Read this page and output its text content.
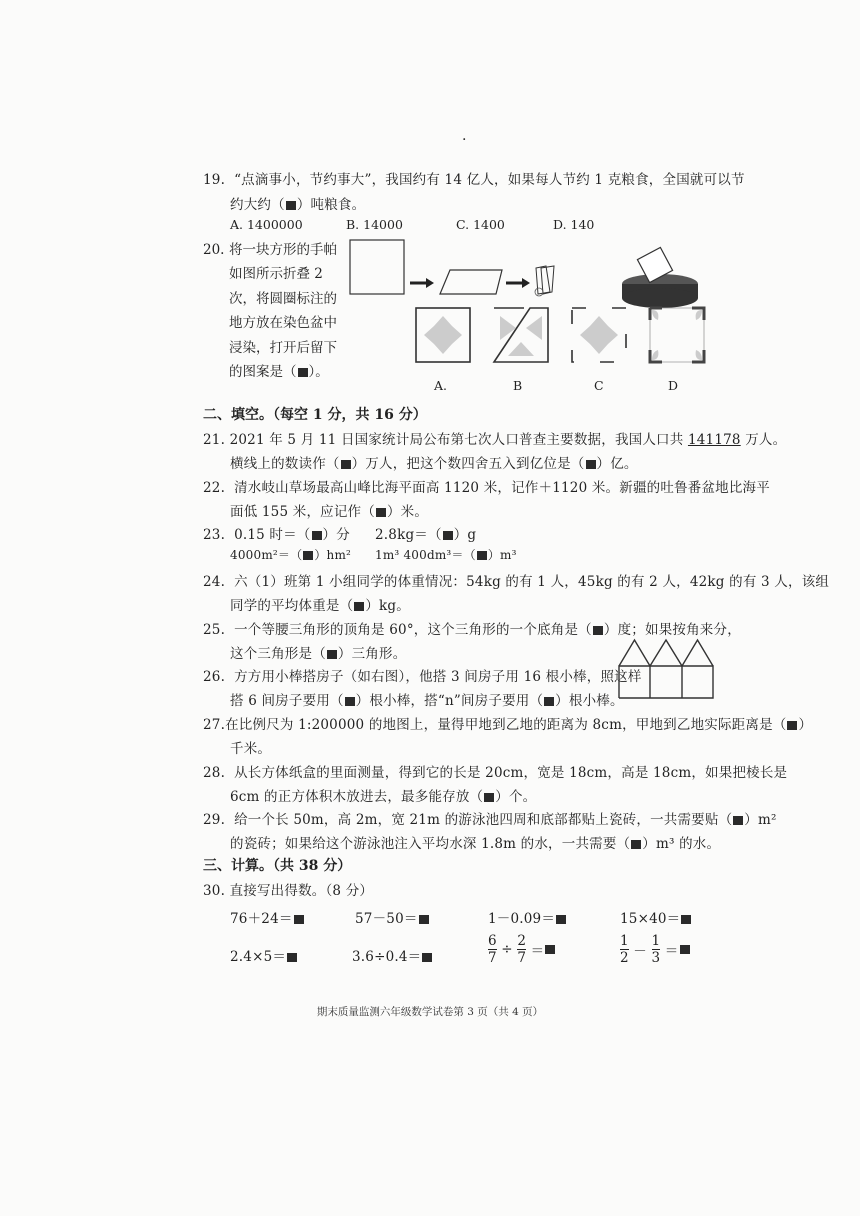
.
19. “点滴事小，节约事大”，我国约有 14 亿人，如果每人节约 1 克粮食，全国就可以节
约大约（ ）吨粮食。
A. 1400000	B. 14000	C. 1400	D. 140
20. 将一块方形的手帕如图所示折叠 2 次，将圆圈标注的地方放在染色盆中浸染，打开后留下的图案是（ ）。
A.	B	C	D
二、填空。（每空 1 分，共 16 分）
21. 2021 年 5 月 11 日国家统计局公布第七次人口普查主要数据，我国人口共 141178 万人。
横线上的数读作（ ）万人，把这个数四舍五入到亿位是（ ）亿。
22. 清水岐山草场最高山峰比海平面高 1120 米，记作＋1120 米。新疆的吐鲁番盆地比海平
面低 155 米，应记作（ ）米。
23. 0.15 时＝（ ）分 2.8kg＝（ ）g
4000m²＝（ ）hm² 1m³ 400dm³＝（ ）m³
24. 六（1）班第 1 小组同学的体重情况：54kg 的有 1 人，45kg 的有 2 人，42kg 的有 3 人，该组
同学的平均体重是（ ）kg。
25. 一个等腰三角形的顶角是 60°，这个三角形的一个底角是（ ）度；如果按角来分，
这个三角形是（ ）三角形。
26. 方方用小棒搭房子（如右图），他搭 3 间房子用 16 根小棒，照这样
搭 6 间房子要用（ ）根小棒，搭“n”间房子要用（ ）根小棒。
27.在比例尺为 1:200000 的地图上，量得甲地到乙地的距离为 8cm，甲地到乙地实际距离是（ ）
千米。
28. 从长方体纸盒的里面测量，得到它的长是 20cm，宽是 18cm，高是 18cm，如果把棱长是
6cm 的正方体积木放进去，最多能存放（ ）个。
29. 给一个长 50m，高 2m，宽 21m 的游泳池四周和底部都贴上瓷砖，一共需要贴（ ）m²
的瓷砖；如果给这个游泳池注入平均水深 1.8m 的水，一共需要（ ）m³ 的水。
三、计算。（共 38 分）
30. 直接写出得数。（8 分）
76＋24＝	57－50＝	1－0.09＝	15×40＝
2.4×5＝	3.6÷0.4＝	$\frac{6}{7} \div \frac{2}{7}$ ＝	$\frac{1}{2} - \frac{1}{3}$ ＝
期末质量监测六年级数学试卷第 3 页（共 4 页）
